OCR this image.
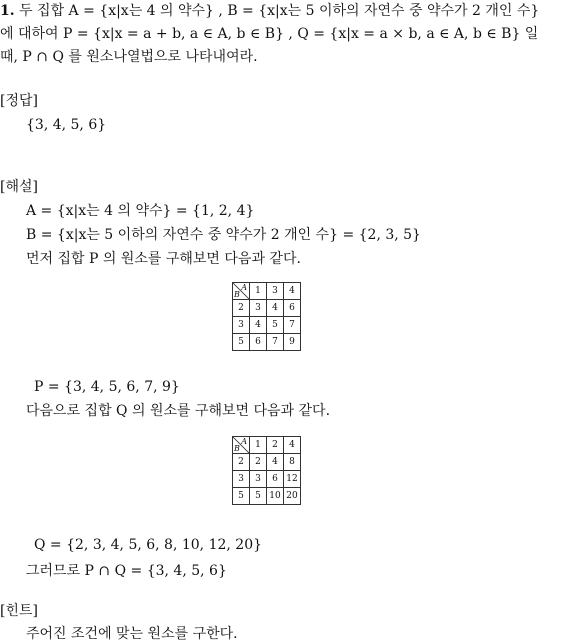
1. 두 집합 A = {x|x는 4 의 약수} , B = {x|x는 5 이하의 자연수 중 약수가 2 개인 수}
에 대하여 P = {x|x = a + b, a ∈ A, b ∈ B} , Q = {x|x = a × b, a ∈ A, b ∈ B} 일
때, P ∩ Q 를 원소나열법으로 나타내여라.
[정답]
{3, 4, 5, 6}
[해설]
A = {x|x는 4 의 약수} = {1, 2, 4}
B = {x|x는 5 이하의 자연수 중 약수가 2 개인 수} = {2, 3, 5}
먼저 집합 P 의 원소를 구해보면 다음과 같다.
A
B	1	3	4
2	3	4	6
3	4	5	7
5	6	7	9
P = {3, 4, 5, 6, 7, 9}
다음으로 집합 Q 의 원소를 구해보면 다음과 같다.
A
B	1	2	4
2	2	4	8
3	3	6	12
5	5	10	20
Q = {2, 3, 4, 5, 6, 8, 10, 12, 20}
그러므로 P ∩ Q = {3, 4, 5, 6}
[힌트]
주어진 조건에 맞는 원소를 구한다.
